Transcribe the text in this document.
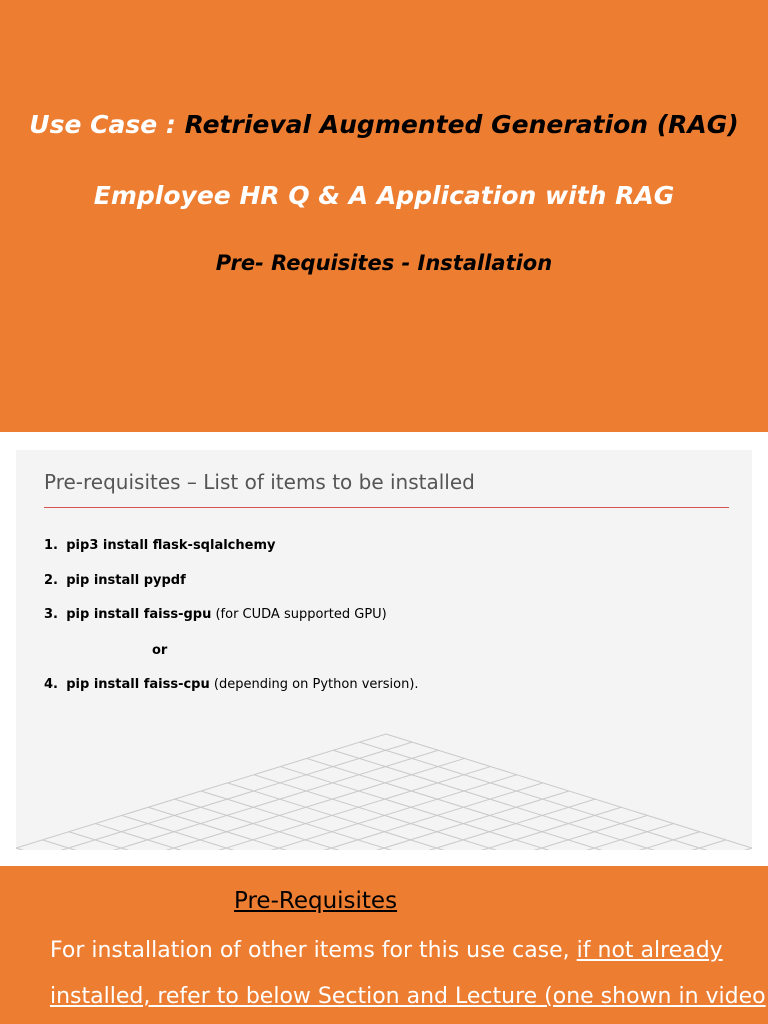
Use Case : Retrieval Augmented Generation (RAG)
Employee HR Q & A Application with RAG
Pre- Requisites - Installation
Pre-requisites – List of items to be installed
1. pip3 install flask-sqlalchemy
2. pip install pypdf
3. pip install faiss-gpu (for CUDA supported GPU)
or
4. pip install faiss-cpu (depending on Python version).
Pre-Requisites
For installation of other items for this use case, if not already
installed, refer to below Section and Lecture (one shown in video
